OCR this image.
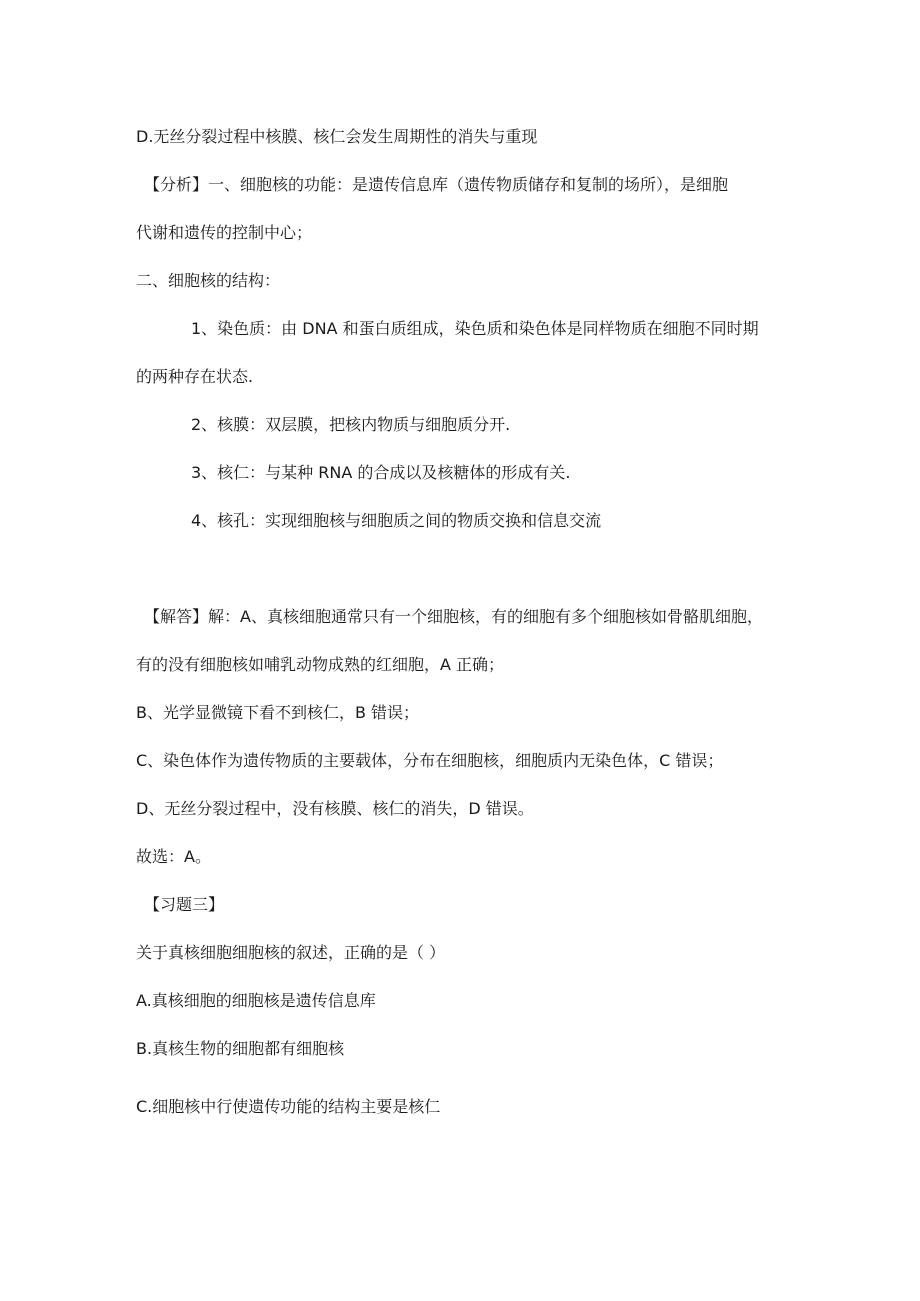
D.无丝分裂过程中核膜、核仁会发生周期性的消失与重现
【分析】一、细胞核的功能：是遗传信息库（遗传物质储存和复制的场所），是细胞
代谢和遗传的控制中心；
二、细胞核的结构：
1、染色质：由 DNA 和蛋白质组成，染色质和染色体是同样物质在细胞不同时期
的两种存在状态.
2、核膜：双层膜，把核内物质与细胞质分开.
3、核仁：与某种 RNA 的合成以及核糖体的形成有关.
4、核孔：实现细胞核与细胞质之间的物质交换和信息交流
【解答】解：A、真核细胞通常只有一个细胞核，有的细胞有多个细胞核如骨骼肌细胞，
有的没有细胞核如哺乳动物成熟的红细胞，A 正确；
B、光学显微镜下看不到核仁，B 错误；
C、染色体作为遗传物质的主要载体，分布在细胞核，细胞质内无染色体，C 错误；
D、无丝分裂过程中，没有核膜、核仁的消失，D 错误。
故选：A。
【习题三】
关于真核细胞细胞核的叙述，正确的是（ ）
A.真核细胞的细胞核是遗传信息库
B.真核生物的细胞都有细胞核
C.细胞核中行使遗传功能的结构主要是核仁
